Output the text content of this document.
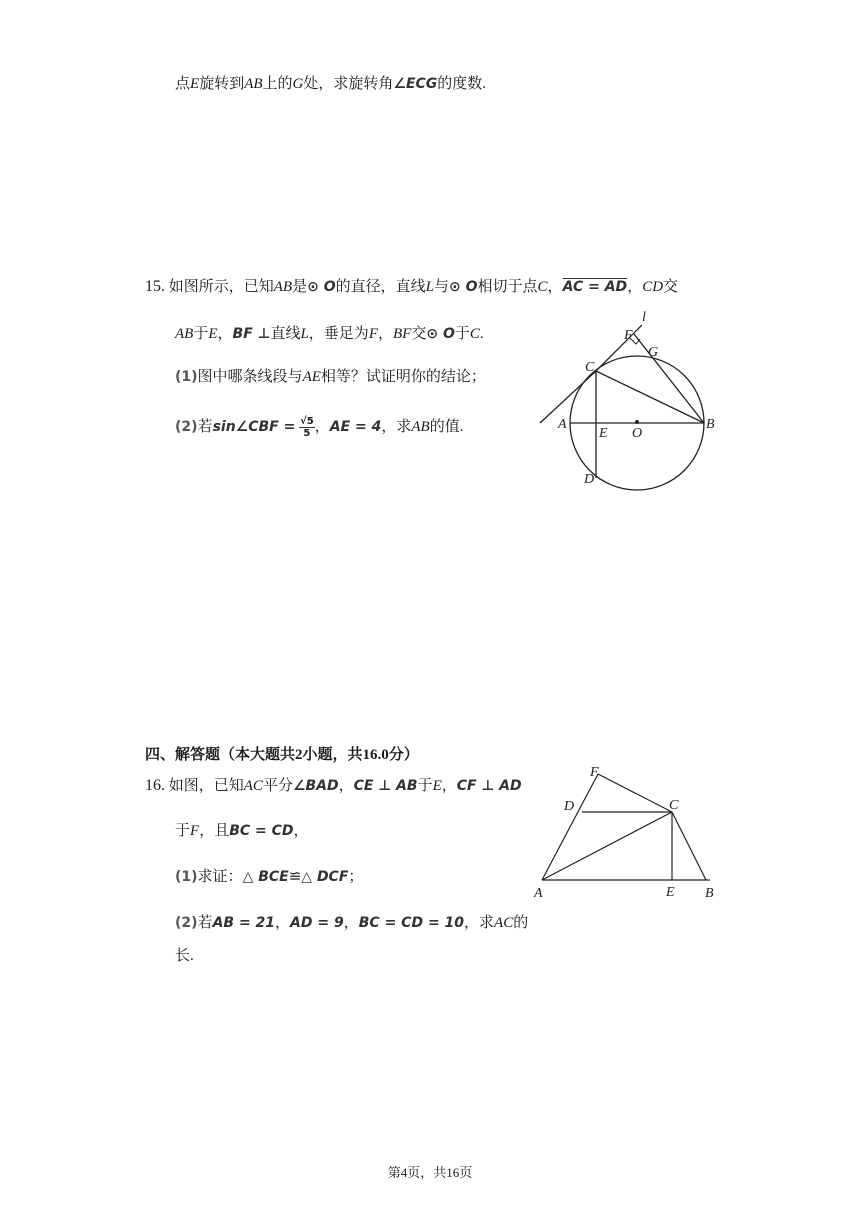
点E旋转到AB上的G处，求旋转角∠ECG的度数.
15. 如图所示，已知AB是⊙ O的直径，直线L与⊙ O相切于点C，AC = AD，CD交
AB于E，BF ⊥直线L，垂足为F，BF交⊙ O于C.
(1)图中哪条线段与AE相等？试证明你的结论；
(2)若sin∠CBF = $\frac{√5}{5}$ ，AE = 4，求AB的值.
l
F
G
C
A
E O
B
D
四、解答题（本大题共2小题，共16.0分）
16. 如图，已知AC平分∠BAD，CE ⊥ AB于E，CF ⊥ AD
于F，且BC = CD，
(1)求证：△ BCE≌△ DCF；
(2)若AB = 21，AD = 9，BC = CD = 10，求AC的
长.
F
D	C
A	E B
第4页，共16页
